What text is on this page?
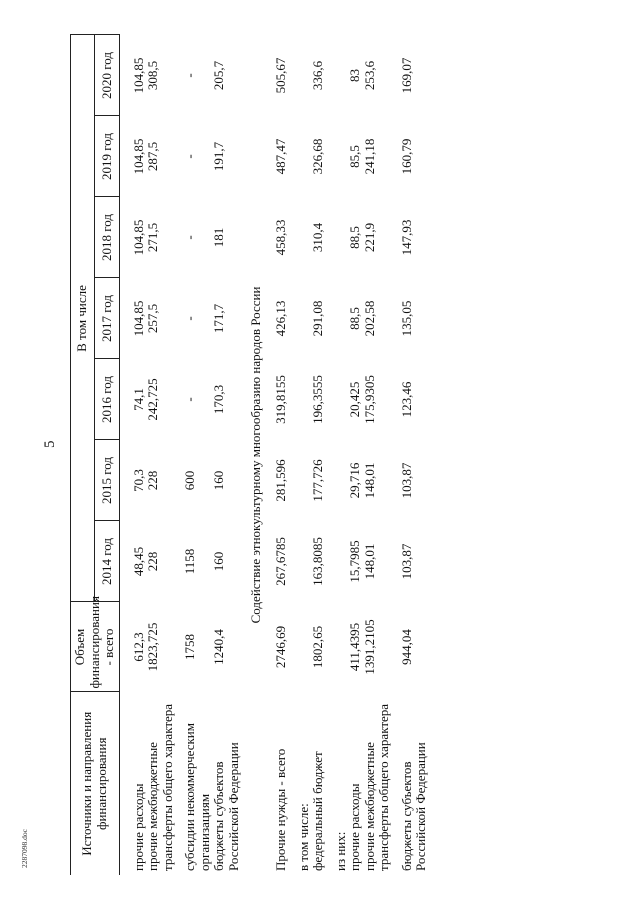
5
2287098.doc	Источники и направления финансирования	Объем финансирования - всего	В том числе						
		2014 год	2015 год	2016 год	2017 год	2018 год	2019 год	2020 год

прочие расходы	612,3	48,45	70,3	74,1	104,85	104,85	104,85	104,85
прочие межбюджетные трансферты общего характера	1823,725	228	228	242,725	257,5	271,5	287,5	308,5

субсидии некоммерческим организациям	1758	1158	600	-	-	-	-	-
бюджеты субъектов Российской Федерации	1240,4	160	160	170,3	171,7	181	191,7	205,7
Содействие этнокультурному многообразию народов России								
Прочие нужды - всего	2746,69	267,6785	281,596	319,8155	426,13	458,33	487,47	505,67

в том числе:								
федеральный бюджет	1802,65	163,8085	177,726	196,3555	291,08	310,4	326,68	336,6

из них:								
прочие расходы	411,4395	15,7985	29,716	20,425	88,5	88,5	85,5	83
прочие межбюджетные трансферты общего характера	1391,2105	148,01	148,01	175,9305	202,58	221,9	241,18	253,6

бюджеты субъектов Российской Федерации	944,04	103,87	103,87	123,46	135,05	147,93	160,79	169,07
